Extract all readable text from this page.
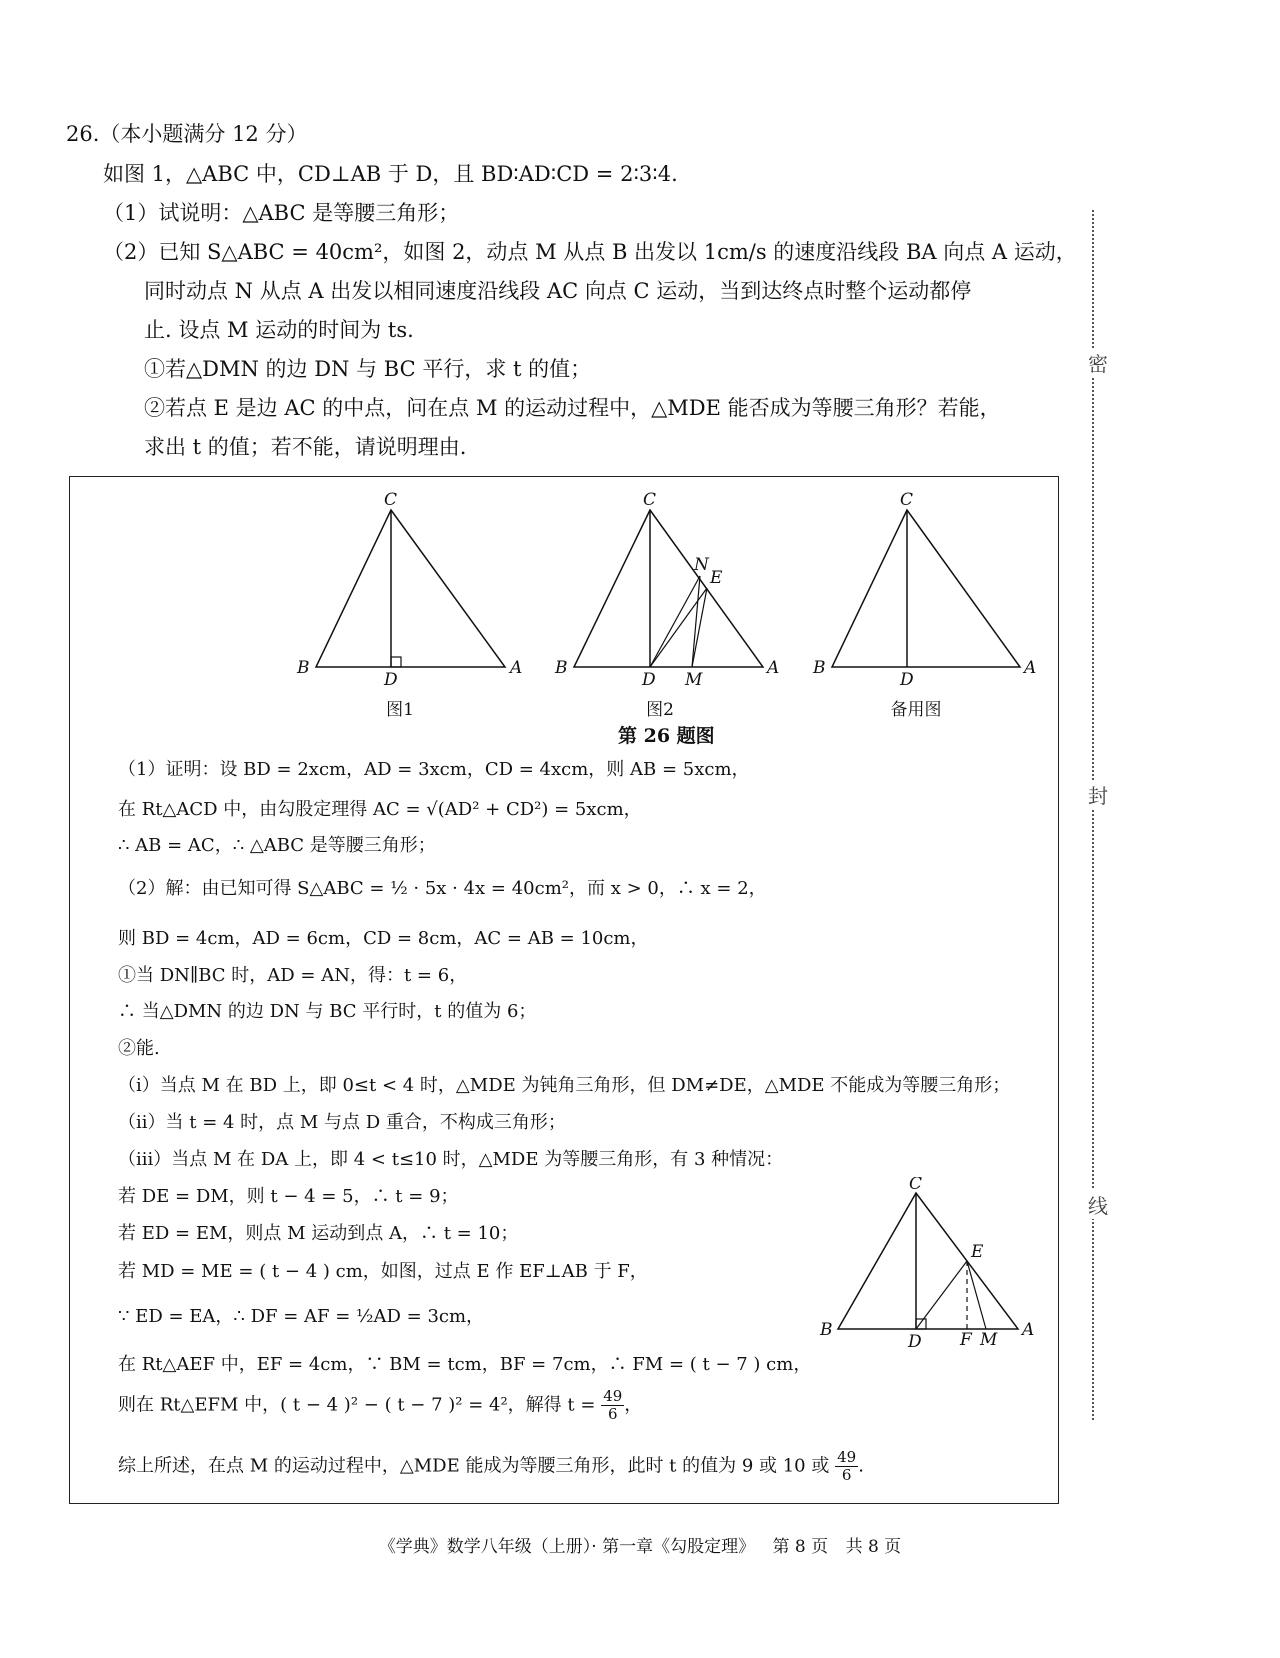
26.（本小题满分 12 分）
如图 1，△ABC 中，CD⊥AB 于 D，且 BD∶AD∶CD = 2∶3∶4.
（1）试说明：△ABC 是等腰三角形；
（2）已知 S△ABC = 40cm²，如图 2，动点 M 从点 B 出发以 1cm/s 的速度沿线段 BA 向点 A 运动，
同时动点 N 从点 A 出发以相同速度沿线段 AC 向点 C 运动，当到达终点时整个运动都停
止. 设点 M 运动的时间为 ts.
①若△DMN 的边 DN 与 BC 平行，求 t 的值；
②若点 E 是边 AC 的中点，问在点 M 的运动过程中，△MDE 能否成为等腰三角形？若能，
求出 t 的值；若不能，请说明理由.
密
封
线
B	A
C
D
B	A
C
D M
N
E
B	A
C
D
图1	图2	备用图
第 26 题图
（1）证明：设 BD = 2xcm，AD = 3xcm，CD = 4xcm，则 AB = 5xcm，
在 Rt△ACD 中，由勾股定理得 AC = √(AD² + CD²) = 5xcm，
∴ AB = AC，∴ △ABC 是等腰三角形；
（2）解：由已知可得 S△ABC = ½ · 5x · 4x = 40cm²，而 x > 0，∴ x = 2，
则 BD = 4cm，AD = 6cm，CD = 8cm，AC = AB = 10cm，
①当 DN∥BC 时，AD = AN，得：t = 6，
∴ 当△DMN 的边 DN 与 BC 平行时，t 的值为 6；
②能.
（i）当点 M 在 BD 上，即 0≤t < 4 时，△MDE 为钝角三角形，但 DM≠DE，△MDE 不能成为等腰三角形；
（ii）当 t = 4 时，点 M 与点 D 重合，不构成三角形；
（iii）当点 M 在 DA 上，即 4 < t≤10 时，△MDE 为等腰三角形，有 3 种情况：
若 DE = DM，则 t − 4 = 5，∴ t = 9；
若 ED = EM，则点 M 运动到点 A，∴ t = 10；
若 MD = ME = ( t − 4 ) cm，如图，过点 E 作 EF⊥AB 于 F，
∵ ED = EA，∴ DF = AF = ½AD = 3cm，
在 Rt△AEF 中，EF = 4cm，∵ BM = tcm，BF = 7cm，∴ FM = ( t − 7 ) cm，
则在 Rt△EFM 中，( t − 4 )² − ( t − 7 )² = 4²，解得 $t = \frac{49}{6}$ ，
综上所述，在点 M 的运动过程中，△MDE 能成为等腰三角形，此时 t 的值为 9 或 10 或 $\frac{49}{6}$ .
B	A
C
D F M
E
《学典》数学八年级（上册）· 第一章《勾股定理》 第 8 页 共 8 页
